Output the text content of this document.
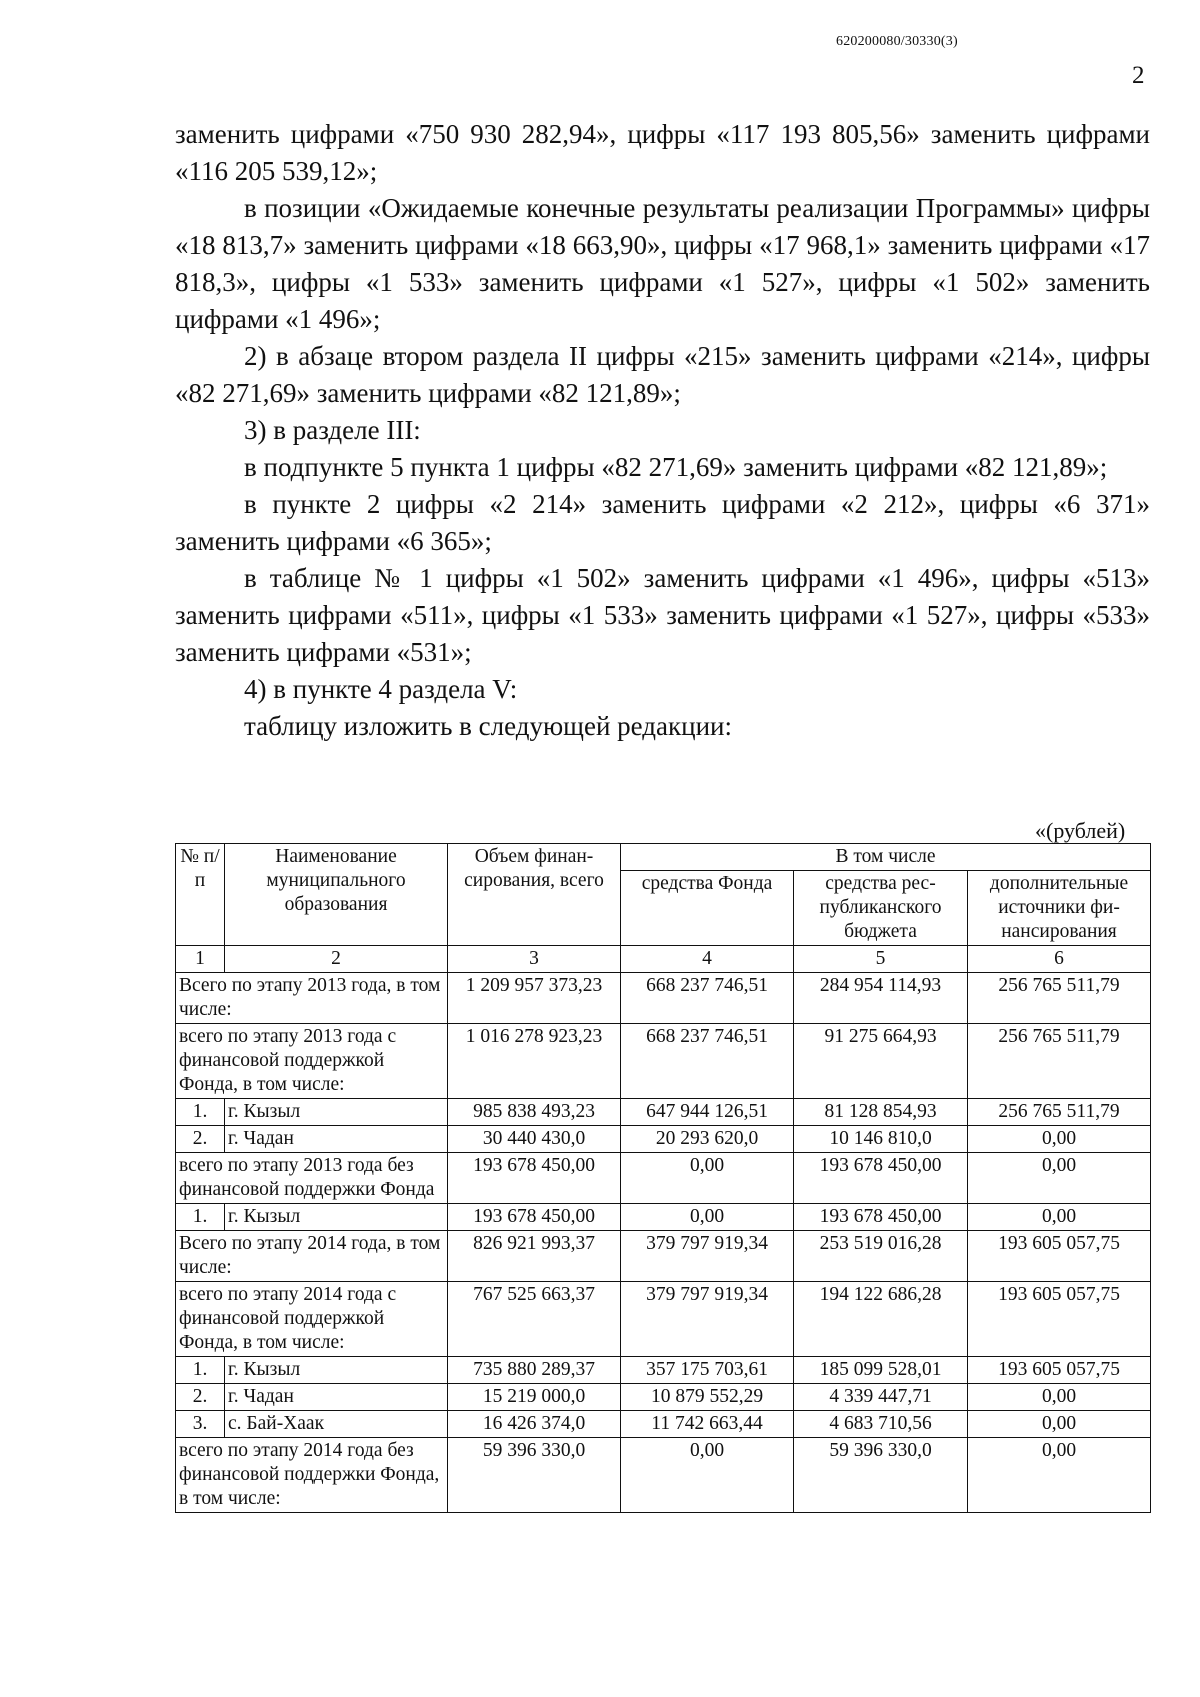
620200080/30330(3)
2

заменить цифрами «750 930 282,94», цифры «117 193 805,56» заменить цифрами «116 205 539,12»;

в позиции «Ожидаемые конечные результаты реализации Программы» цифры «18 813,7» заменить цифрами «18 663,90», цифры «17 968,1» заменить цифрами «17 818,3», цифры «1 533» заменить цифрами «1 527», цифры «1 502» заменить цифрами «1 496»;

2) в абзаце втором раздела II цифры «215» заменить цифрами «214», цифры «82 271,69» заменить цифрами «82 121,89»;

3) в разделе III:

в подпункте 5 пункта 1 цифры «82 271,69» заменить цифрами «82 121,89»;

в пункте 2 цифры «2 214» заменить цифрами «2 212», цифры «6 371» заменить цифрами «6 365»;

в таблице № 1 цифры «1 502» заменить цифрами «1 496», цифры «513» заменить цифрами «511», цифры «1 533» заменить цифрами «1 527», цифры «533» заменить цифрами «531»;

4) в пункте 4 раздела V:

таблицу изложить в следующей редакции:

«(рублей)
№ п/п	Наименование муниципального образования	Объем финан-сирования, всего	В том числе		
			средства Фонда	средства рес-публиканского бюджета	дополнительные источники фи-нансирования
1	2	3	4	5	6
Всего по этапу 2013 года, в том числе:		1 209 957 373,23	668 237 746,51	284 954 114,93	256 765 511,79
всего по этапу 2013 года с финансовой поддержкой Фонда, в том числе:		1 016 278 923,23	668 237 746,51	91 275 664,93	256 765 511,79
1.	г. Кызыл	985 838 493,23	647 944 126,51	81 128 854,93	256 765 511,79
2.	г. Чадан	30 440 430,0	20 293 620,0	10 146 810,0	0,00
всего по этапу 2013 года без финансовой поддержки Фонда		193 678 450,00	0,00	193 678 450,00	0,00
1.	г. Кызыл	193 678 450,00	0,00	193 678 450,00	0,00
Всего по этапу 2014 года, в том числе:		826 921 993,37	379 797 919,34	253 519 016,28	193 605 057,75
всего по этапу 2014 года с финансовой поддержкой Фонда, в том числе:		767 525 663,37	379 797 919,34	194 122 686,28	193 605 057,75
1.	г. Кызыл	735 880 289,37	357 175 703,61	185 099 528,01	193 605 057,75
2.	г. Чадан	15 219 000,0	10 879 552,29	4 339 447,71	0,00
3.	с. Бай-Хаак	16 426 374,0	11 742 663,44	4 683 710,56	0,00
всего по этапу 2014 года без финансовой поддержки Фонда, в том числе:		59 396 330,0	0,00	59 396 330,0	0,00
